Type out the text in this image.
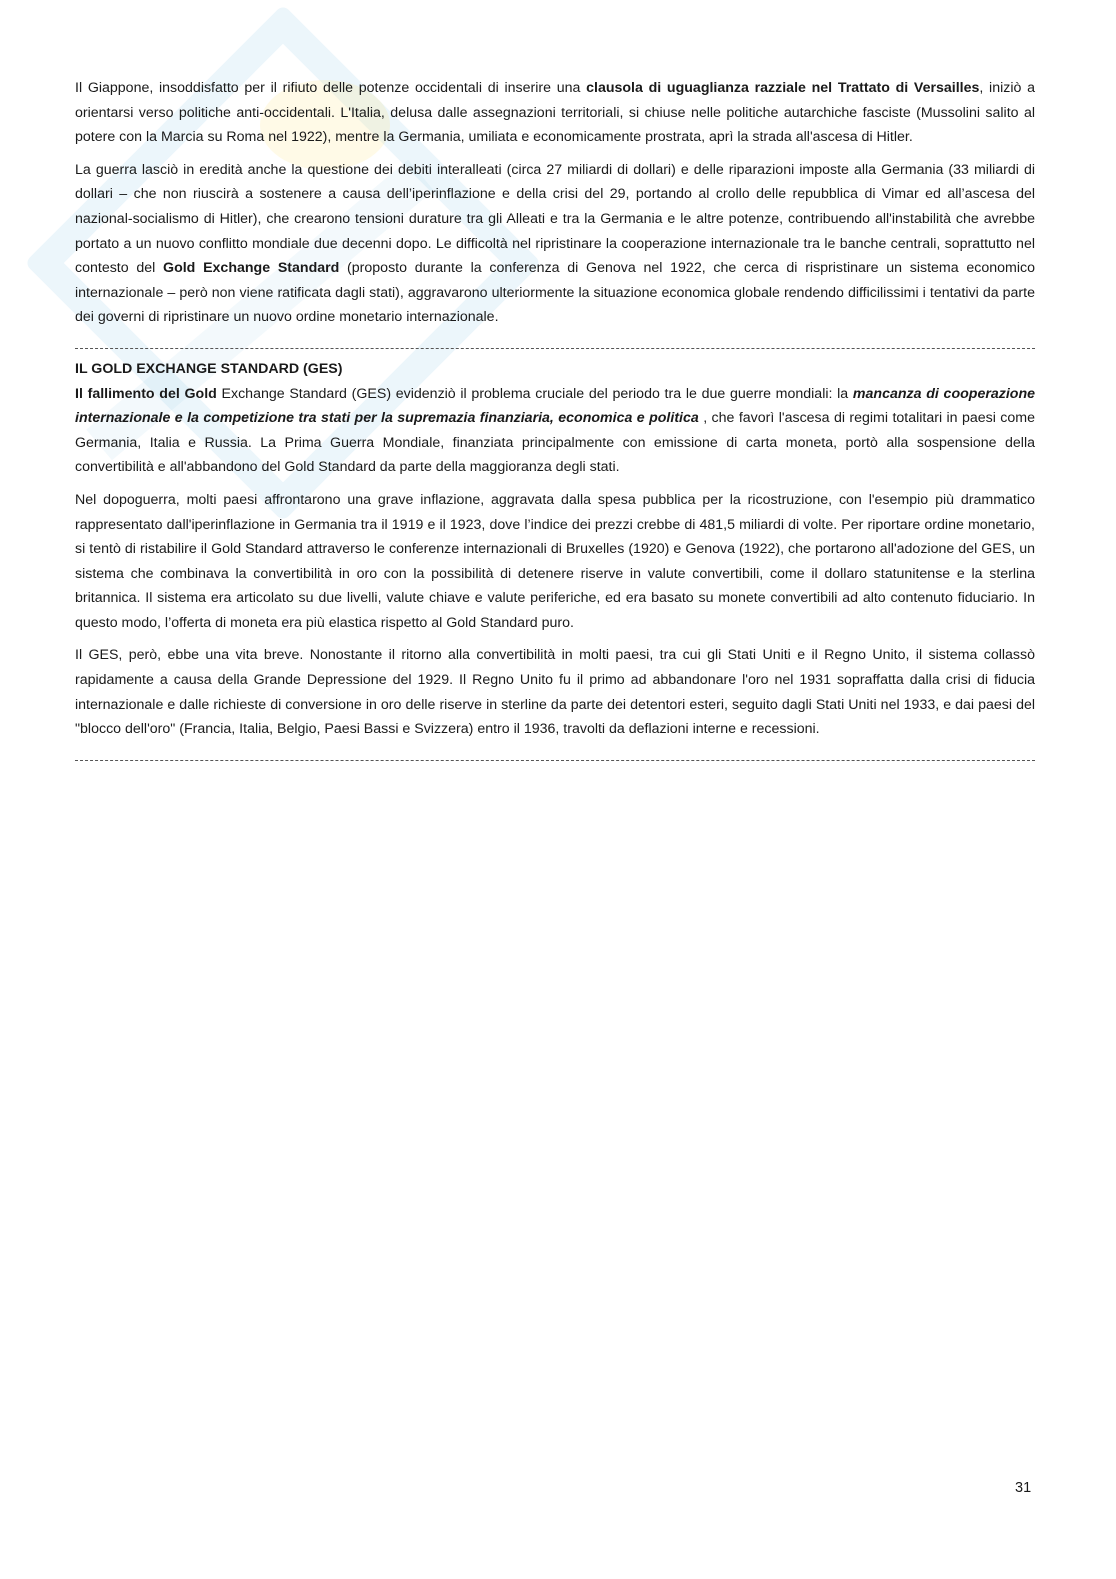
Il Giappone, insoddisfatto per il rifiuto delle potenze occidentali di inserire una clausola di uguaglianza razziale nel Trattato di Versailles, iniziò a orientarsi verso politiche anti-occidentali. L'Italia, delusa dalle assegnazioni territoriali, si chiuse nelle politiche autarchiche fasciste (Mussolini salito al potere con la Marcia su Roma nel 1922), mentre la Germania, umiliata e economicamente prostrata, aprì la strada all'ascesa di Hitler.

La guerra lasciò in eredità anche la questione dei debiti interalleati (circa 27 miliardi di dollari) e delle riparazioni imposte alla Germania (33 miliardi di dollari – che non riuscirà a sostenere a causa dell’iperinflazione e della crisi del 29, portando al crollo delle repubblica di Vimar ed all’ascesa del nazional-socialismo di Hitler), che crearono tensioni durature tra gli Alleati e tra la Germania e le altre potenze, contribuendo all'instabilità che avrebbe portato a un nuovo conflitto mondiale due decenni dopo. Le difficoltà nel ripristinare la cooperazione internazionale tra le banche centrali, soprattutto nel contesto del Gold Exchange Standard (proposto durante la conferenza di Genova nel 1922, che cerca di rispristinare un sistema economico internazionale – però non viene ratificata dagli stati), aggravarono ulteriormente la situazione economica globale rendendo difficilissimi i tentativi da parte dei governi di ripristinare un nuovo ordine monetario internazionale.

IL GOLD EXCHANGE STANDARD (GES)

Il fallimento del Gold Exchange Standard (GES) evidenziò il problema cruciale del periodo tra le due guerre mondiali: la mancanza di cooperazione internazionale e la competizione tra stati per la supremazia finanziaria, economica e politica , che favorì l'ascesa di regimi totalitari in paesi come Germania, Italia e Russia. La Prima Guerra Mondiale, finanziata principalmente con emissione di carta moneta, portò alla sospensione della convertibilità e all'abbandono del Gold Standard da parte della maggioranza degli stati.

Nel dopoguerra, molti paesi affrontarono una grave inflazione, aggravata dalla spesa pubblica per la ricostruzione, con l'esempio più drammatico rappresentato dall'iperinflazione in Germania tra il 1919 e il 1923, dove l’indice dei prezzi crebbe di 481,5 miliardi di volte. Per riportare ordine monetario, si tentò di ristabilire il Gold Standard attraverso le conferenze internazionali di Bruxelles (1920) e Genova (1922), che portarono all'adozione del GES, un sistema che combinava la convertibilità in oro con la possibilità di detenere riserve in valute convertibili, come il dollaro statunitense e la sterlina britannica. Il sistema era articolato su due livelli, valute chiave e valute periferiche, ed era basato su monete convertibili ad alto contenuto fiduciario. In questo modo, l’offerta di moneta era più elastica rispetto al Gold Standard puro.

Il GES, però, ebbe una vita breve. Nonostante il ritorno alla convertibilità in molti paesi, tra cui gli Stati Uniti e il Regno Unito, il sistema collassò rapidamente a causa della Grande Depressione del 1929. Il Regno Unito fu il primo ad abbandonare l'oro nel 1931 sopraffatta dalla crisi di fiducia internazionale e dalle richieste di conversione in oro delle riserve in sterline da parte dei detentori esteri, seguito dagli Stati Uniti nel 1933, e dai paesi del "blocco dell'oro" (Francia, Italia, Belgio, Paesi Bassi e Svizzera) entro il 1936, travolti da deflazioni interne e recessioni.

31
